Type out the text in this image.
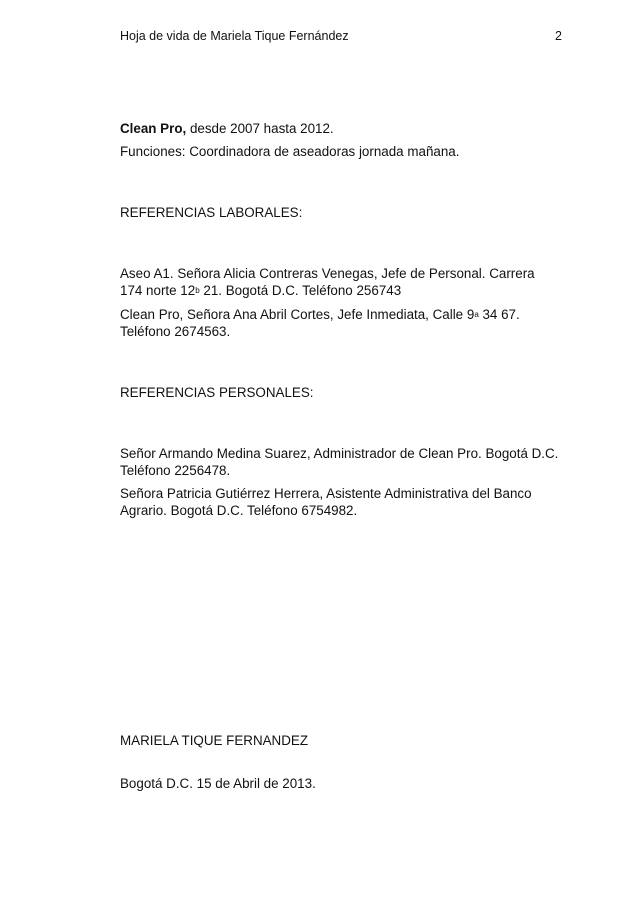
Hoja de vida de Mariela Tique Fernández	2
Clean Pro, desde 2007 hasta 2012.
Funciones: Coordinadora de aseadoras jornada mañana.
REFERENCIAS LABORALES:
Aseo A1. Señora Alicia Contreras Venegas, Jefe de Personal. Carrera
174 norte 12$^b$ 21. Bogotá D.C. Teléfono 256743
Clean Pro, Señora Ana Abril Cortes, Jefe Inmediata, Calle 9$^a$ 34 67.
Teléfono 2674563.
REFERENCIAS PERSONALES:
Señor Armando Medina Suarez, Administrador de Clean Pro. Bogotá D.C.
Teléfono 2256478.
Señora Patricia Gutiérrez Herrera, Asistente Administrativa del Banco
Agrario. Bogotá D.C. Teléfono 6754982.
MARIELA TIQUE FERNANDEZ
Bogotá D.C. 15 de Abril de 2013.
